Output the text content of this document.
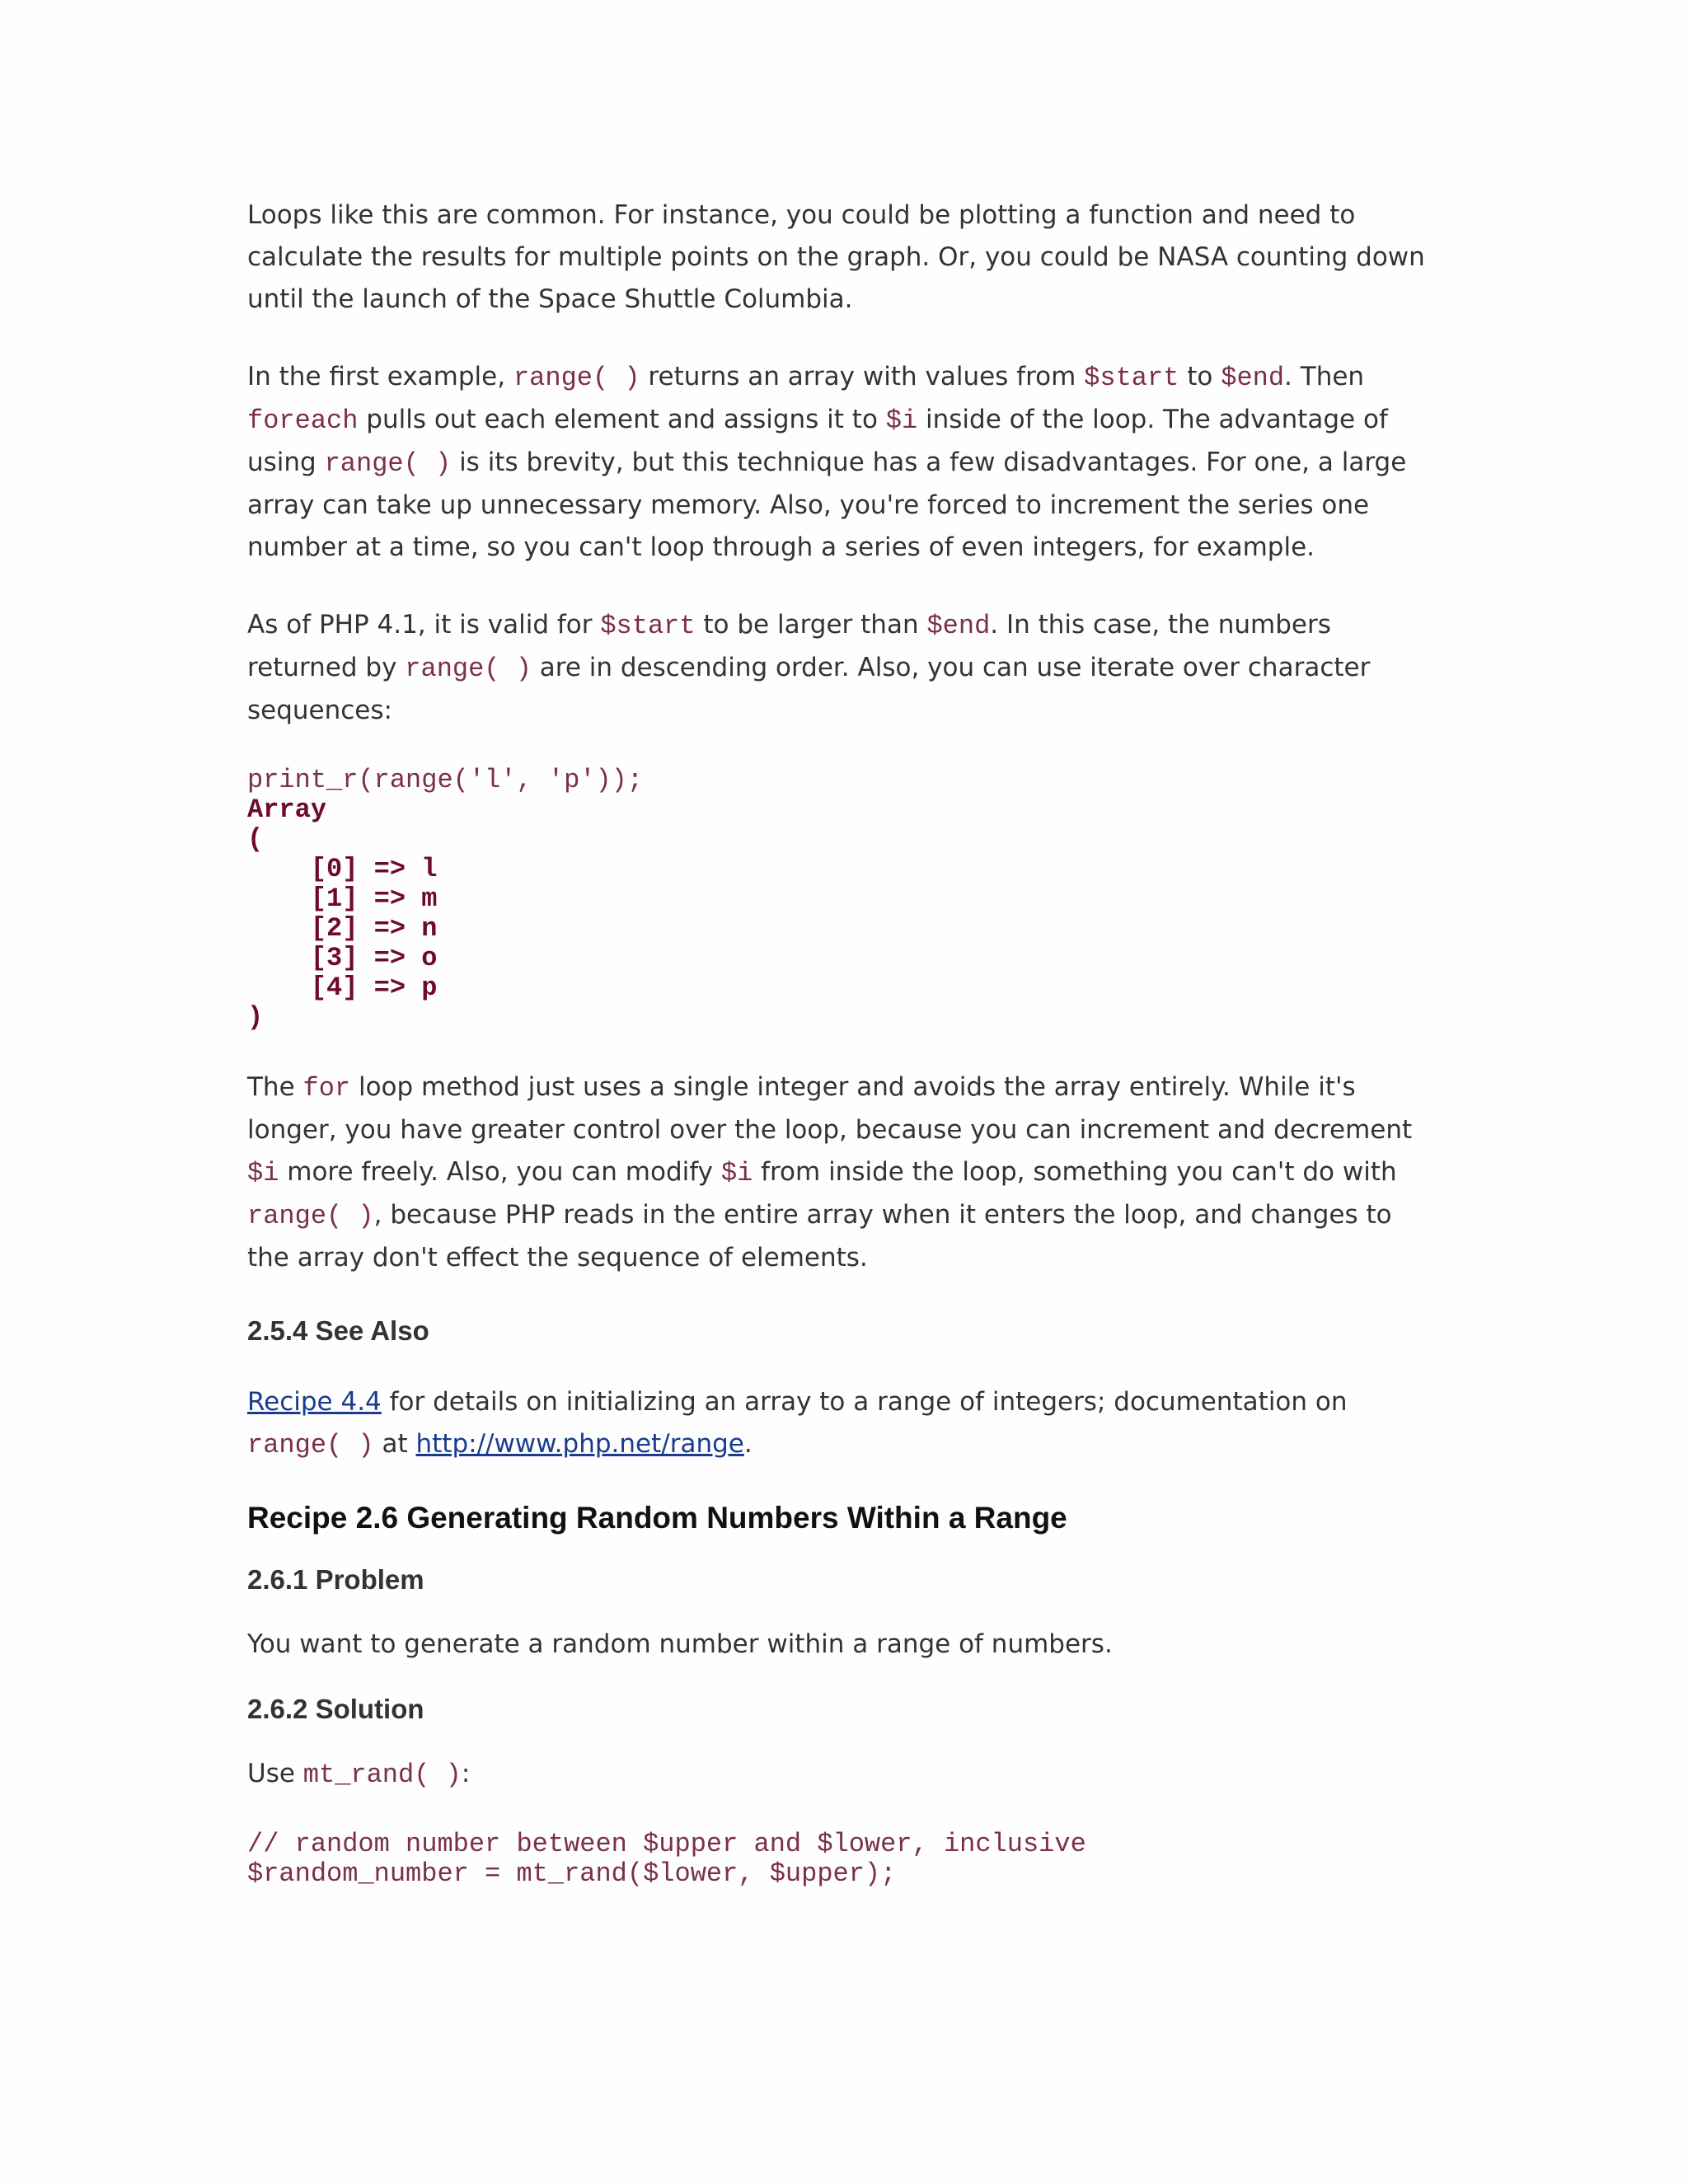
Loops like this are common. For instance, you could be plotting a function and need to calculate the results for multiple points on the graph. Or, you could be NASA counting down until the launch of the Space Shuttle Columbia.

In the first example, range( ) returns an array with values from $start to $end. Then foreach pulls out each element and assigns it to $i inside of the loop. The advantage of using range( ) is its brevity, but this technique has a few disadvantages. For one, a large array can take up unnecessary memory. Also, you're forced to increment the series one number at a time, so you can't loop through a series of even integers, for example.

As of PHP 4.1, it is valid for $start to be larger than $end. In this case, the numbers returned by range( ) are in descending order. Also, you can use iterate over character sequences:

print_r(range('l', 'p'));
Array
(
[0] => l
[1] => m
[2] => n
[3] => o
[4] => p
)

The for loop method just uses a single integer and avoids the array entirely. While it's longer, you have greater control over the loop, because you can increment and decrement $i more freely. Also, you can modify $i from inside the loop, something you can't do with range( ), because PHP reads in the entire array when it enters the loop, and changes to the array don't effect the sequence of elements.

2.5.4 See Also

Recipe 4.4 for details on initializing an array to a range of integers; documentation on range( ) at http://www.php.net/range.

Recipe 2.6 Generating Random Numbers Within a Range
2.6.1 Problem

You want to generate a random number within a range of numbers.

2.6.2 Solution

Use mt_rand( ):

// random number between $upper and $lower, inclusive
$random_number = mt_rand($lower, $upper);
